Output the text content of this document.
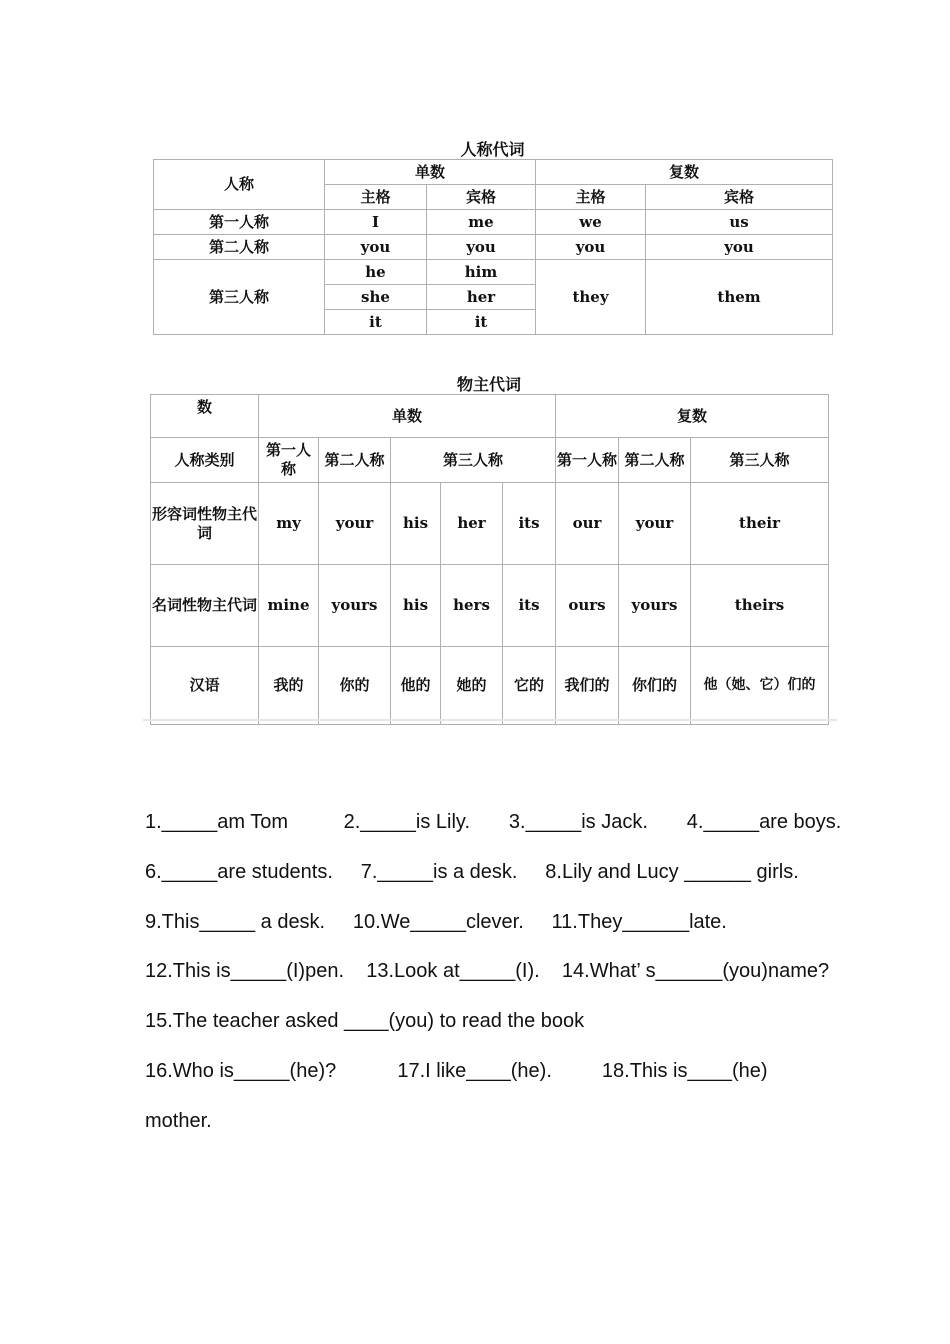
人称代词
人称	单数		复数	
	主格	宾格	主格	宾格
第一人称	I	me	we	us
第二人称	you	you	you	you
第三人称	he	him	they	them
	she	her		
	it	it		
物主代词
数	单数					复数		
人称类别	第一人称	第二人称	第三人称			第一人称	第二人称	第三人称
形容词性物主代词	my	your	his	her	its	our	your	their
名词性物主代词	mine	yours	his	hers	its	ours	yours	theirs
汉语	我的	你的	他的	她的	它的	我们的	你们的	他（她、它）们的
1._____am Tom          2._____is Lily.       3._____is Jack.       4._____are boys.
6._____are students.     7._____is a desk.     8.Lily and Lucy ______ girls.
9.This_____ a desk.     10.We_____clever.     11.They______late.
12.This is_____(I)pen.    13.Look at_____(I).    14.What’ s______(you)name?
15.The teacher asked ____(you) to read the book
16.Who is_____(he)?           17.I like____(he).         18.This is____(he)
mother.
